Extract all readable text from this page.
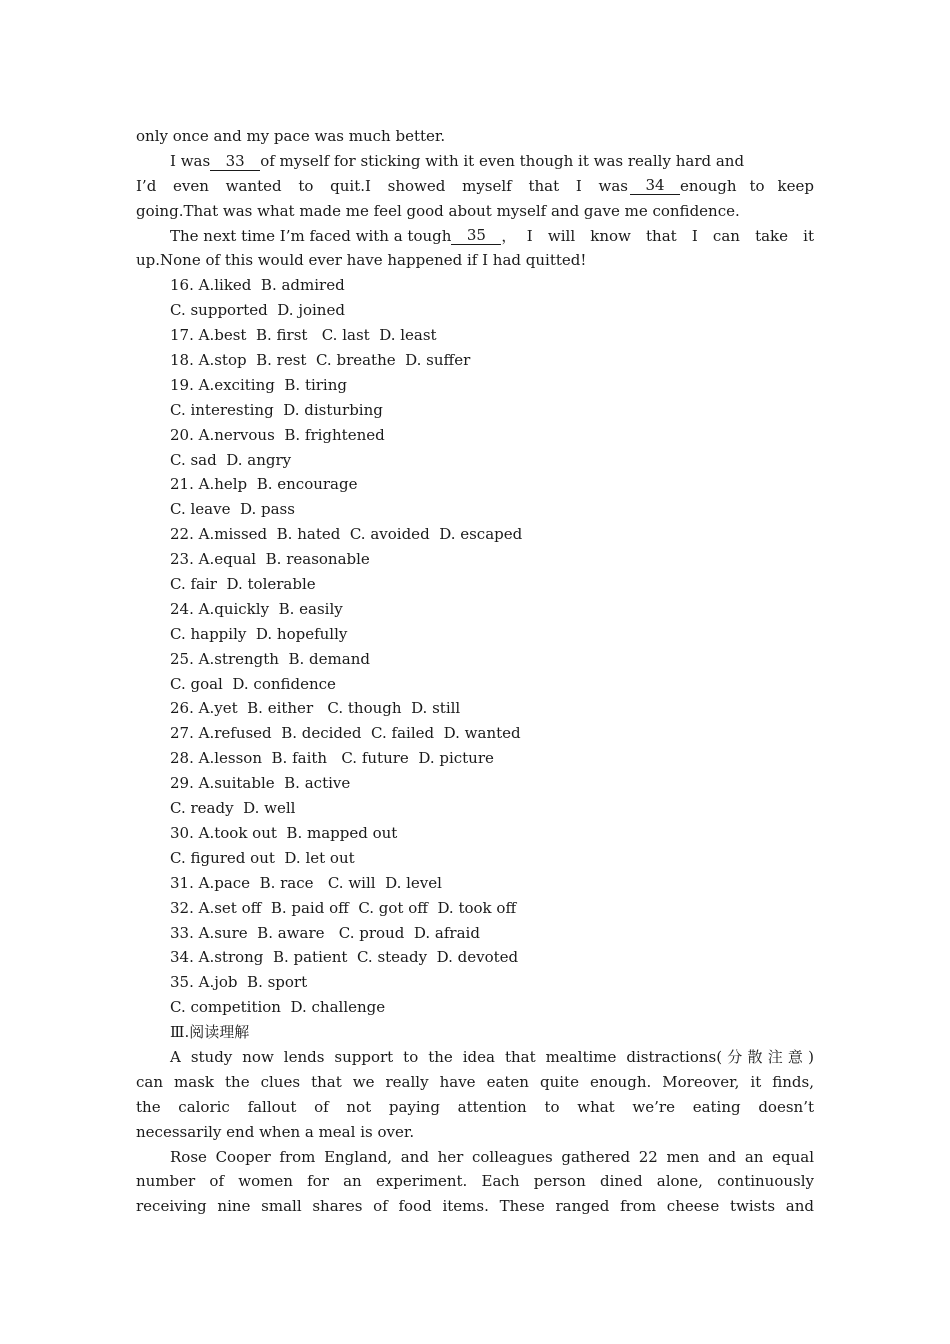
only once and my pace was much better.
I was 33 of myself for sticking with it even though it was really hard and
I’d even wanted to quit.I showed myself that I was	34	enough to keep
going.That was what made me feel good about myself and gave me confidence.
The next time I’m faced with a tough	35	，I will know that I can take it
up.None of this would ever have happened if I had quitted!
16. A.liked  B. admired
C. supported  D. joined
17. A.best  B. first   C. last  D. least
18. A.stop  B. rest  C. breathe  D. suffer
19. A.exciting  B. tiring
C. interesting  D. disturbing
20. A.nervous  B. frightened
C. sad  D. angry
21. A.help  B. encourage
C. leave  D. pass
22. A.missed  B. hated  C. avoided  D. escaped
23. A.equal  B. reasonable
C. fair  D. tolerable
24. A.quickly  B. easily
C. happily  D. hopefully
25. A.strength  B. demand
C. goal  D. confidence
26. A.yet  B. either   C. though  D. still
27. A.refused  B. decided  C. failed  D. wanted
28. A.lesson  B. faith   C. future  D. picture
29. A.suitable  B. active
C. ready  D. well
30. A.took out  B. mapped out
C. figured out  D. let out
31. A.pace  B. race   C. will  D. level
32. A.set off  B. paid off  C. got off  D. took off
33. A.sure  B. aware   C. proud  D. afraid
34. A.strong  B. patient  C. steady  D. devoted
35. A.job  B. sport
C. competition  D. challenge
Ⅲ.阅读理解
A study now lends support to the idea that mealtime distractions(分散注意)
can mask the clues that we really have eaten quite enough. Moreover, it finds,
the caloric fallout of not paying attention to what we’re eating doesn’t
necessarily end when a meal is over.
Rose Cooper from England, and her colleagues gathered 22 men and an equal
number of women for an experiment. Each person dined alone, continuously
receiving nine small shares of food items. These ranged from cheese twists and
